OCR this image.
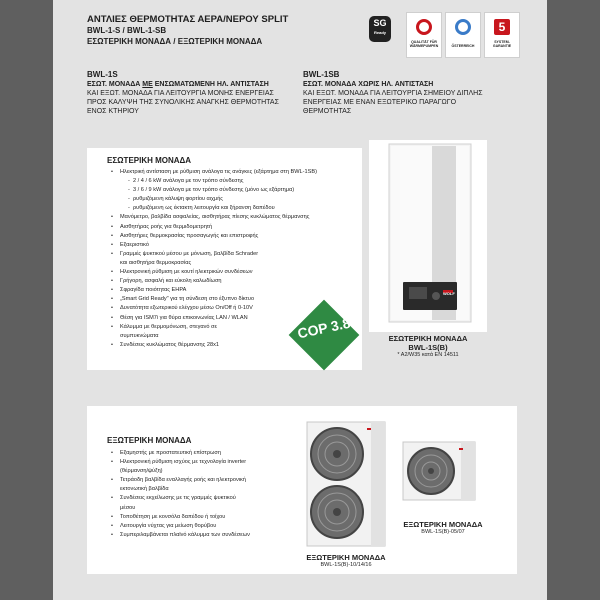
ΑΝΤΛΙΕΣ ΘΕΡΜΟΤΗΤΑΣ ΑΕΡΑ/ΝΕΡΟΥ SPLIT
BWL-1-S / BWL-1-SB
ΕΣΩΤΕΡΙΚΗ ΜΟΝΑΔΑ / ΕΞΩΤΕΡΙΚΗ ΜΟΝΑΔΑ
SG
Ready
QUALITÄT FÜR WÄRMEPUMPEN	ÖSTERREICH
5
SYSTEM-GARANTIE
BWL-1S
ΕΣΩΤ. ΜΟΝΑΔΑ ΜΕ ΕΝΣΩΜΑΤΩΜΕΝΗ ΗΛ. ΑΝΤΙΣΤΑΣΗ
ΚΑΙ ΕΞΩΤ. ΜΟΝΑΔΑ ΓΙΑ ΛΕΙΤΟΥΡΓΙΑ ΜΟΝΗΣ ΕΝΕΡΓΕΙΑΣ
ΠΡΟΣ ΚΑΛΥΨΗ ΤΗΣ ΣΥΝΟΛΙΚΗΣ ΑΝΑΓΚΗΣ ΘΕΡΜΟΤΗΤΑΣ
ΕΝΟΣ ΚΤΗΡΙΟΥ
BWL-1SB
ΕΣΩΤ. ΜΟΝΑΔΑ ΧΩΡΙΣ ΗΛ. ΑΝΤΙΣΤΑΣΗ
ΚΑΙ ΕΞΩΤ. ΜΟΝΑΔΑ ΓΙΑ ΛΕΙΤΟΥΡΓΙΑ ΣΗΜΕΙΟΥ ΔΙΠΛΗΣ
ΕΝΕΡΓΕΙΑΣ ΜΕ ΕΝΑΝ ΕΞΩΤΕΡΙΚΟ ΠΑΡΑΓΩΓΟ
ΘΕΡΜΟΤΗΤΑΣ
WOLF
ΕΣΩΤΕΡΙΚΗ ΜΟΝΑΔΑ
• Ηλεκτρική αντίσταση με ρύθμιση ανάλογα τις ανάγκες (εξάρτημα στη BWL-1SB)
- 2 / 4 / 6 kW ανάλογα με τον τρόπο σύνδεσης
- 3 / 6 / 9 kW ανάλογα με τον τρόπο σύνδεσης (μόνο ως εξάρτημα)
- ρυθμιζόμενη κάλυψη φορτίου αιχμής
- ρυθμιζόμενη ως έκτακτη λειτουργία και ξήρανση δαπέδου
• Μανόμετρο, βαλβίδα ασφαλείας, αισθητήρας πίεσης κυκλώματος θέρμανσης
• Αισθητήρας ροής για θερμιδομετρητή
• Αισθητήρες θερμοκρασίας προσαγωγής και επιστροφής
• Εξαεριστικό
• Γραμμές ψυκτικού μέσου με μόνωση, βαλβίδα Schrader
και αισθητήρα θερμοκρασίας
• Ηλεκτρονική ρύθμιση με κουτί ηλεκτρικών συνδέσεων
• Γρήγορη, ασφαλή και εύκολη καλωδίωση
• Σφραγίδα ποιότητας EHPA
• „Smart Grid Ready" για τη σύνδεση στο έξυπνο δίκτυο
• Δυνατότητα εξωτερικού ελέγχου μέσω On/Off ή 0-10V
• Θέση για ISM7i για θύρα επικοινωνίας LAN / WLAN
• Κάλυμμα με θερμομόνωση, στεγανό σε
συμπυκνώματα
• Συνδέσεις κυκλώματος θέρμανσης 28x1
COP 3.8	ΕΣΩΤΕΡΙΚΗ ΜΟΝΑΔΑ
BWL-1S(B)
* A2/W35 κατά EN 14511
ΕΞΩΤΕΡΙΚΗ ΜΟΝΑΔΑ
• Εξαμηστής με προστατευτική επίστρωση
• Ηλεκτρονική ρύθμιση ισχύος με τεχνολογία inverter
(θέρμανση/ψύξη)
• Τετράοδη βαλβίδα εναλλαγής ροής και ηλεκτρονική
εκτονωτική βαλβίδα
• Συνδέσεις εκχείλωσης με τις γραμμές ψυκτικού
μέσου
• Τοποθέτηση με κονσόλα δαπέδου ή τοίχου
• Λειτουργία νύχτας για μείωση θορύβου
• Συμπεριλαμβάνεται πλαϊνό κάλυμμα των συνδέσεων
ΕΞΩΤΕΡΙΚΗ ΜΟΝΑΔΑ
BWL-1S(B)-05/07
ΕΞΩΤΕΡΙΚΗ ΜΟΝΑΔΑ
BWL-1S(B)-10/14/16
